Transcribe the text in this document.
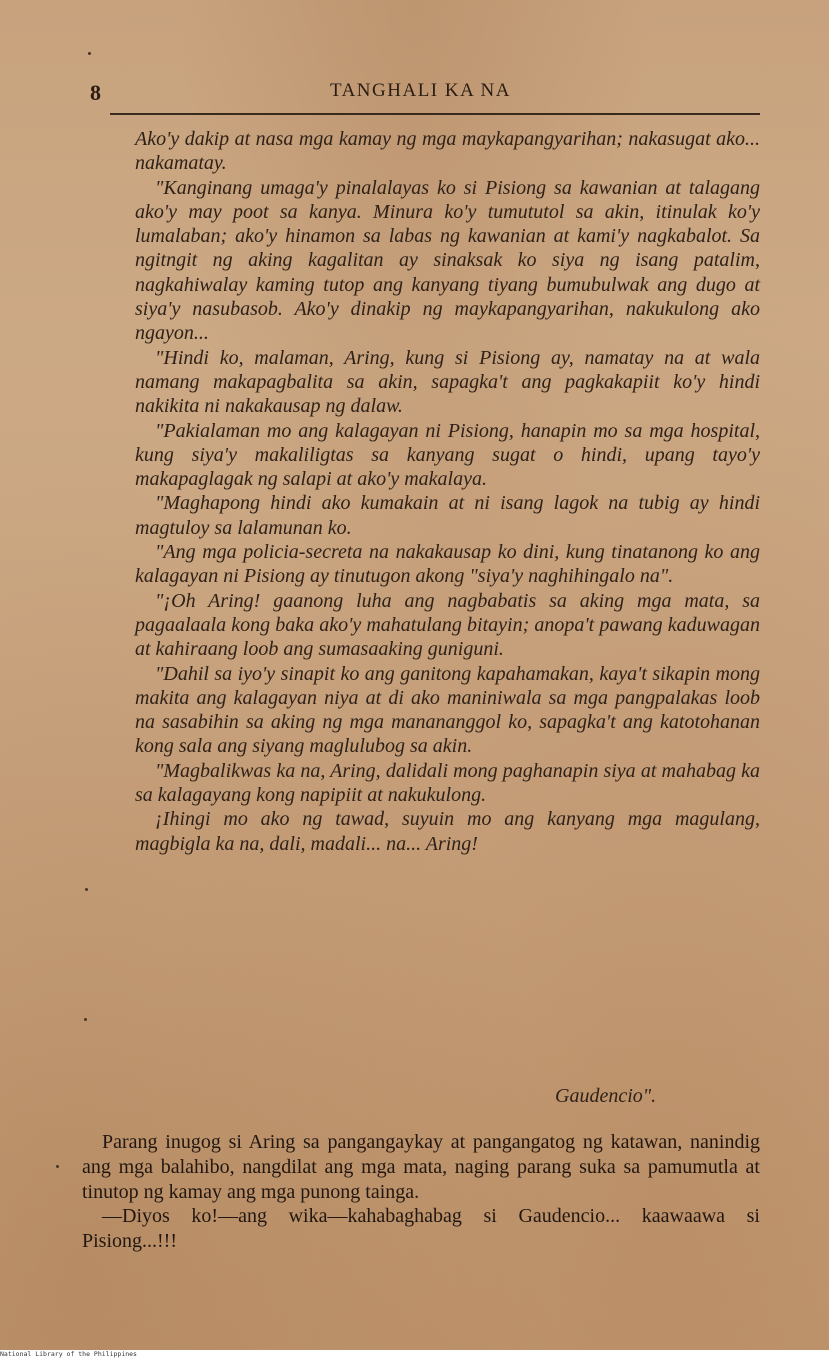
8	TANGHALI KA NA

Ako'y dakip at nasa mga kamay ng mga maykapangyarihan; nakasugat ako... nakamatay.

"Kanginang umaga'y pinalalayas ko si Pisiong sa kawanian at talagang ako'y may poot sa kanya. Minura ko'y tumututol sa akin, itinulak ko'y lumalaban; ako'y hinamon sa labas ng kawanian at kami'y nagkabalot. Sa ngitngit ng aking kagalitan ay sinaksak ko siya ng isang patalim, nagkahiwalay kaming tutop ang kanyang tiyang bumubulwak ang dugo at siya'y nasubasob. Ako'y dinakip ng maykapangyarihan, nakukulong ako ngayon...

"Hindi ko, malaman, Aring, kung si Pisiong ay, namatay na at wala namang makapagbalita sa akin, sapagka't ang pagkakapiit ko'y hindi nakikita ni nakakausap ng dalaw.

"Pakialaman mo ang kalagayan ni Pisiong, hanapin mo sa mga hospital, kung siya'y makaliligtas sa kanyang sugat o hindi, upang tayo'y makapaglagak ng salapi at ako'y makalaya.

"Maghapong hindi ako kumakain at ni isang lagok na tubig ay hindi magtuloy sa lalamunan ko.

"Ang mga policia-secreta na nakakausap ko dini, kung tinatanong ko ang kalagayan ni Pisiong ay tinutugon akong "siya'y naghihingalo na".

"¡Oh Aring! gaanong luha ang nagbabatis sa aking mga mata, sa pagaalaala kong baka ako'y mahatulang bitayin; anopa't pawang kaduwagan at kahiraang loob ang sumasaaking guniguni.

"Dahil sa iyo'y sinapit ko ang ganitong kapahamakan, kaya't sikapin mong makita ang kalagayan niya at di ako maniniwala sa mga pangpalakas loob na sasabihin sa aking ng mga manananggol ko, sapagka't ang katotohanan kong sala ang siyang maglulubog sa akin.

"Magbalikwas ka na, Aring, dalidali mong paghanapin siya at mahabag ka sa kalagayang kong napipiit at nakukulong.

¡Ihingi mo ako ng tawad, suyuin mo ang kanyang mga magulang, magbigla ka na, dali, madali... na... Aring!

Gaudencio".

Parang inugog si Aring sa pangangaykay at pangangatog ng katawan, nanindig ang mga balahibo, nangdilat ang mga mata, naging parang suka sa pamumutla at tinutop ng kamay ang mga punong tainga.

—Diyos ko!—ang wika—kahabaghabag si Gaudencio... kaawaawa si Pisiong...!!!

National Library of the Philippines
